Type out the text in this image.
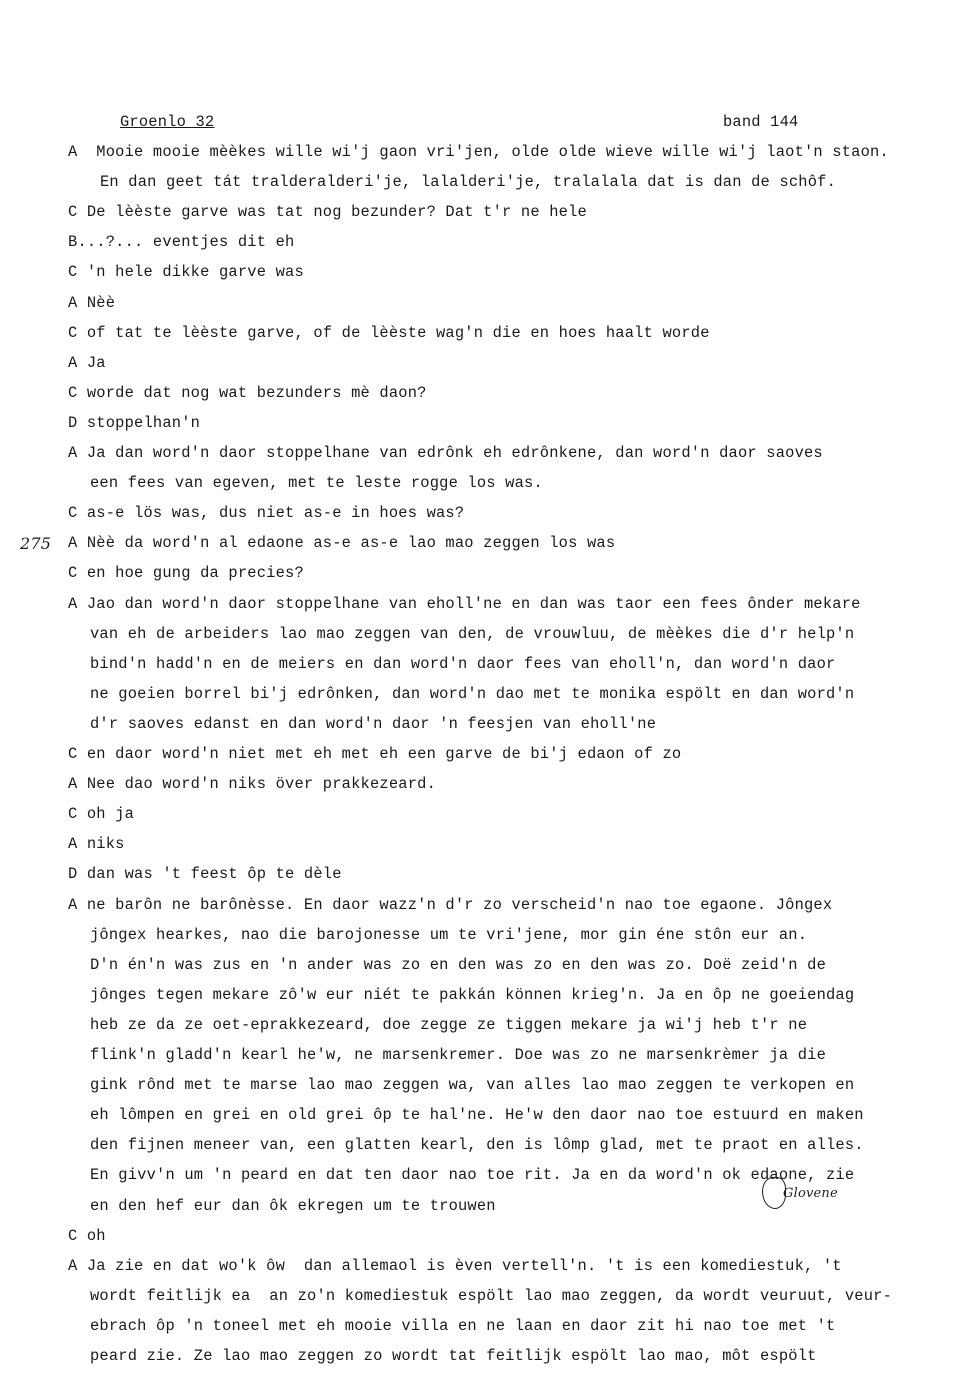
Groenlo 32	band 144
275
A  Mooie mooie mèèkes wille wi'j gaon vri'jen, olde olde wieve wille wi'j laot'n staon.
En dan geet tát tralderalderi'je, lalalderi'je, tralalala dat is dan de schôf.
C De lèèste garve was tat nog bezunder? Dat t'r ne hele
B...?... eventjes dit eh
C 'n hele dikke garve was
A Nèè
C of tat te lèèste garve, of de lèèste wag'n die en hoes haalt worde
A Ja
C worde dat nog wat bezunders mè daon?
D stoppelhan'n
A Ja dan word'n daor stoppelhane van edrônk eh edrônkene, dan word'n daor saoves
een fees van egeven, met te leste rogge los was.
C as-e lös was, dus niet as-e in hoes was?
A Nèè da word'n al edaone as-e as-e lao mao zeggen los was
C en hoe gung da precies?
A Jao dan word'n daor stoppelhane van eholl'ne en dan was taor een fees ônder mekare
van eh de arbeiders lao mao zeggen van den, de vrouwluu, de mèèkes die d'r help'n
bind'n hadd'n en de meiers en dan word'n daor fees van eholl'n, dan word'n daor
ne goeien borrel bi'j edrônken, dan word'n dao met te monika espölt en dan word'n
d'r saoves edanst en dan word'n daor 'n feesjen van eholl'ne
C en daor word'n niet met eh met eh een garve de bi'j edaon of zo
A Nee dao word'n niks över prakkezeard.
C oh ja
A niks
D dan was 't feest ôp te dèle
A ne barôn ne barônèsse. En daor wazz'n d'r zo verscheid'n nao toe egaone. Jôngex
jôngex hearkes, nao die barojonesse um te vri'jene, mor gin éne stôn eur an.
D'n én'n was zus en 'n ander was zo en den was zo en den was zo. Doë zeid'n de
jônges tegen mekare zô'w eur niét te pakkán können krieg'n. Ja en ôp ne goeiendag
heb ze da ze oet-eprakkezeard, doe zegge ze tiggen mekare ja wi'j heb t'r ne
flink'n gladd'n kearl he'w, ne marsenkremer. Doe was zo ne marsenkrèmer ja die
gink rônd met te marse lao mao zeggen wa, van alles lao mao zeggen te verkopen en
eh lômpen en grei en old grei ôp te hal'ne. He'w den daor nao toe estuurd en maken
den fijnen meneer van, een glatten kearl, den is lômp glad, met te praot en alles.
En givv'n um 'n peard en dat ten daor nao toe rit. Ja en da word'n ok edaone, zie
en den hef eur dan ôk ekregen um te trouwen
C oh
A Ja zie en dat wo'k ôw  dan allemaol is èven vertell'n. 't is een komediestuk, 't
wordt feitlijk ea  an zo'n komediestuk espölt lao mao zeggen, da wordt veuruut, veur-
ebrach ôp 'n toneel met eh mooie villa en ne laan en daor zit hi nao toe met 't
peard zie. Ze lao mao zeggen zo wordt tat feitlijk espölt lao mao, môt espölt
Glovene
